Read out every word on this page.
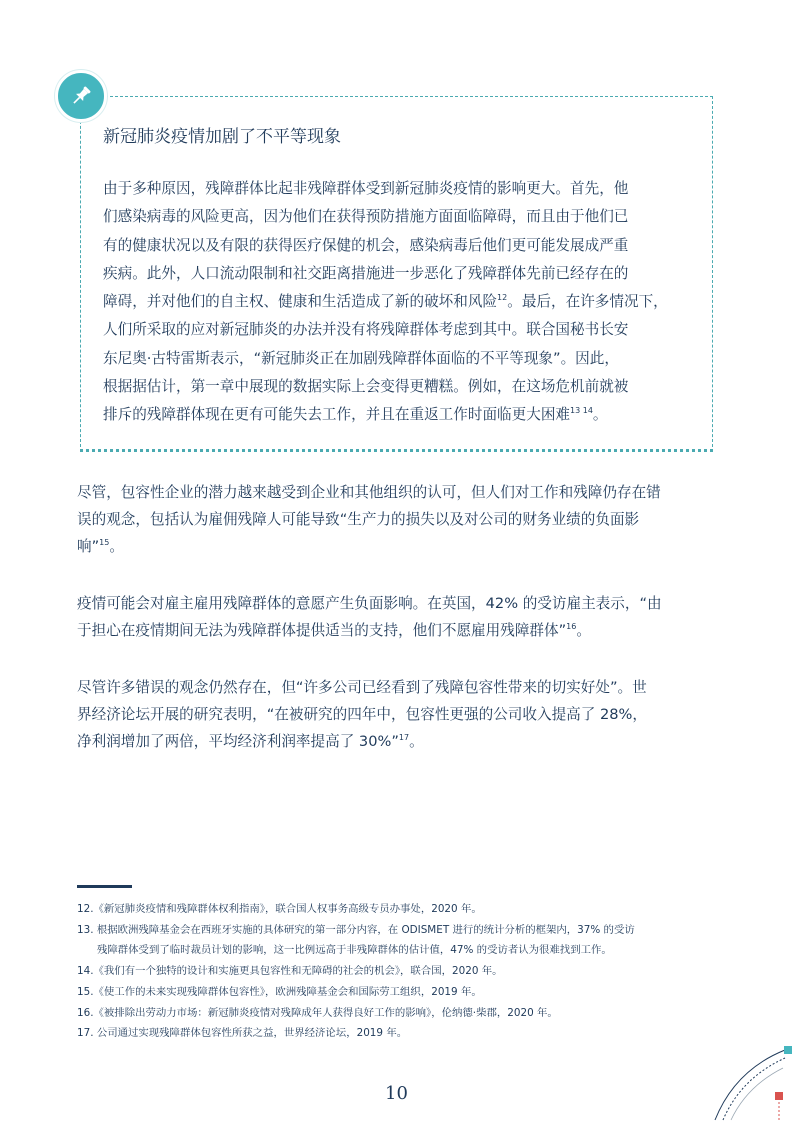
新冠肺炎疫情加剧了不平等现象
由于多种原因，残障群体比起非残障群体受到新冠肺炎疫情的影响更大。首先，他
们感染病毒的风险更高，因为他们在获得预防措施方面面临障碍，而且由于他们已
有的健康状况以及有限的获得医疗保健的机会，感染病毒后他们更可能发展成严重
疾病。此外，人口流动限制和社交距离措施进一步恶化了残障群体先前已经存在的
障碍，并对他们的自主权、健康和生活造成了新的破坏和风险$^{12}$。最后，在许多情况下，
人们所采取的应对新冠肺炎的办法并没有将残障群体考虑到其中。联合国秘书长安
东尼奥·古特雷斯表示，“新冠肺炎正在加剧残障群体面临的不平等现象”。因此，
根据据估计，第一章中展现的数据实际上会变得更糟糕。例如，在这场危机前就被
排斥的残障群体现在更有可能失去工作，并且在重返工作时面临更大困难$^{13 14}$。
尽管，包容性企业的潜力越来越受到企业和其他组织的认可，但人们对工作和残障仍存在错
误的观念，包括认为雇佣残障人可能导致“生产力的损失以及对公司的财务业绩的负面影
响”$^{15}$。
疫情可能会对雇主雇用残障群体的意愿产生负面影响。在英国，42% 的受访雇主表示，“由
于担心在疫情期间无法为残障群体提供适当的支持，他们不愿雇用残障群体”$^{16}$。
尽管许多错误的观念仍然存在，但“许多公司已经看到了残障包容性带来的切实好处”。世
界经济论坛开展的研究表明，“在被研究的四年中，包容性更强的公司收入提高了 28%，
净利润增加了两倍，平均经济利润率提高了 30%”$^{17}$。
12.《新冠肺炎疫情和残障群体权利指南》，联合国人权事务高级专员办事处，2020 年。
13. 根据欧洲残障基金会在西班牙实施的具体研究的第一部分内容，在 ODISMET 进行的统计分析的框架内，37% 的受访
残障群体受到了临时裁员计划的影响，这一比例远高于非残障群体的估计值，47% 的受访者认为很难找到工作。
14.《我们有一个独特的设计和实施更具包容性和无障碍的社会的机会》，联合国，2020 年。
15.《使工作的未来实现残障群体包容性》，欧洲残障基金会和国际劳工组织，2019 年。
16.《被排除出劳动力市场：新冠肺炎疫情对残障成年人获得良好工作的影响》，伦纳德·柴郡，2020 年。
17. 公司通过实现残障群体包容性所获之益，世界经济论坛，2019 年。
10
